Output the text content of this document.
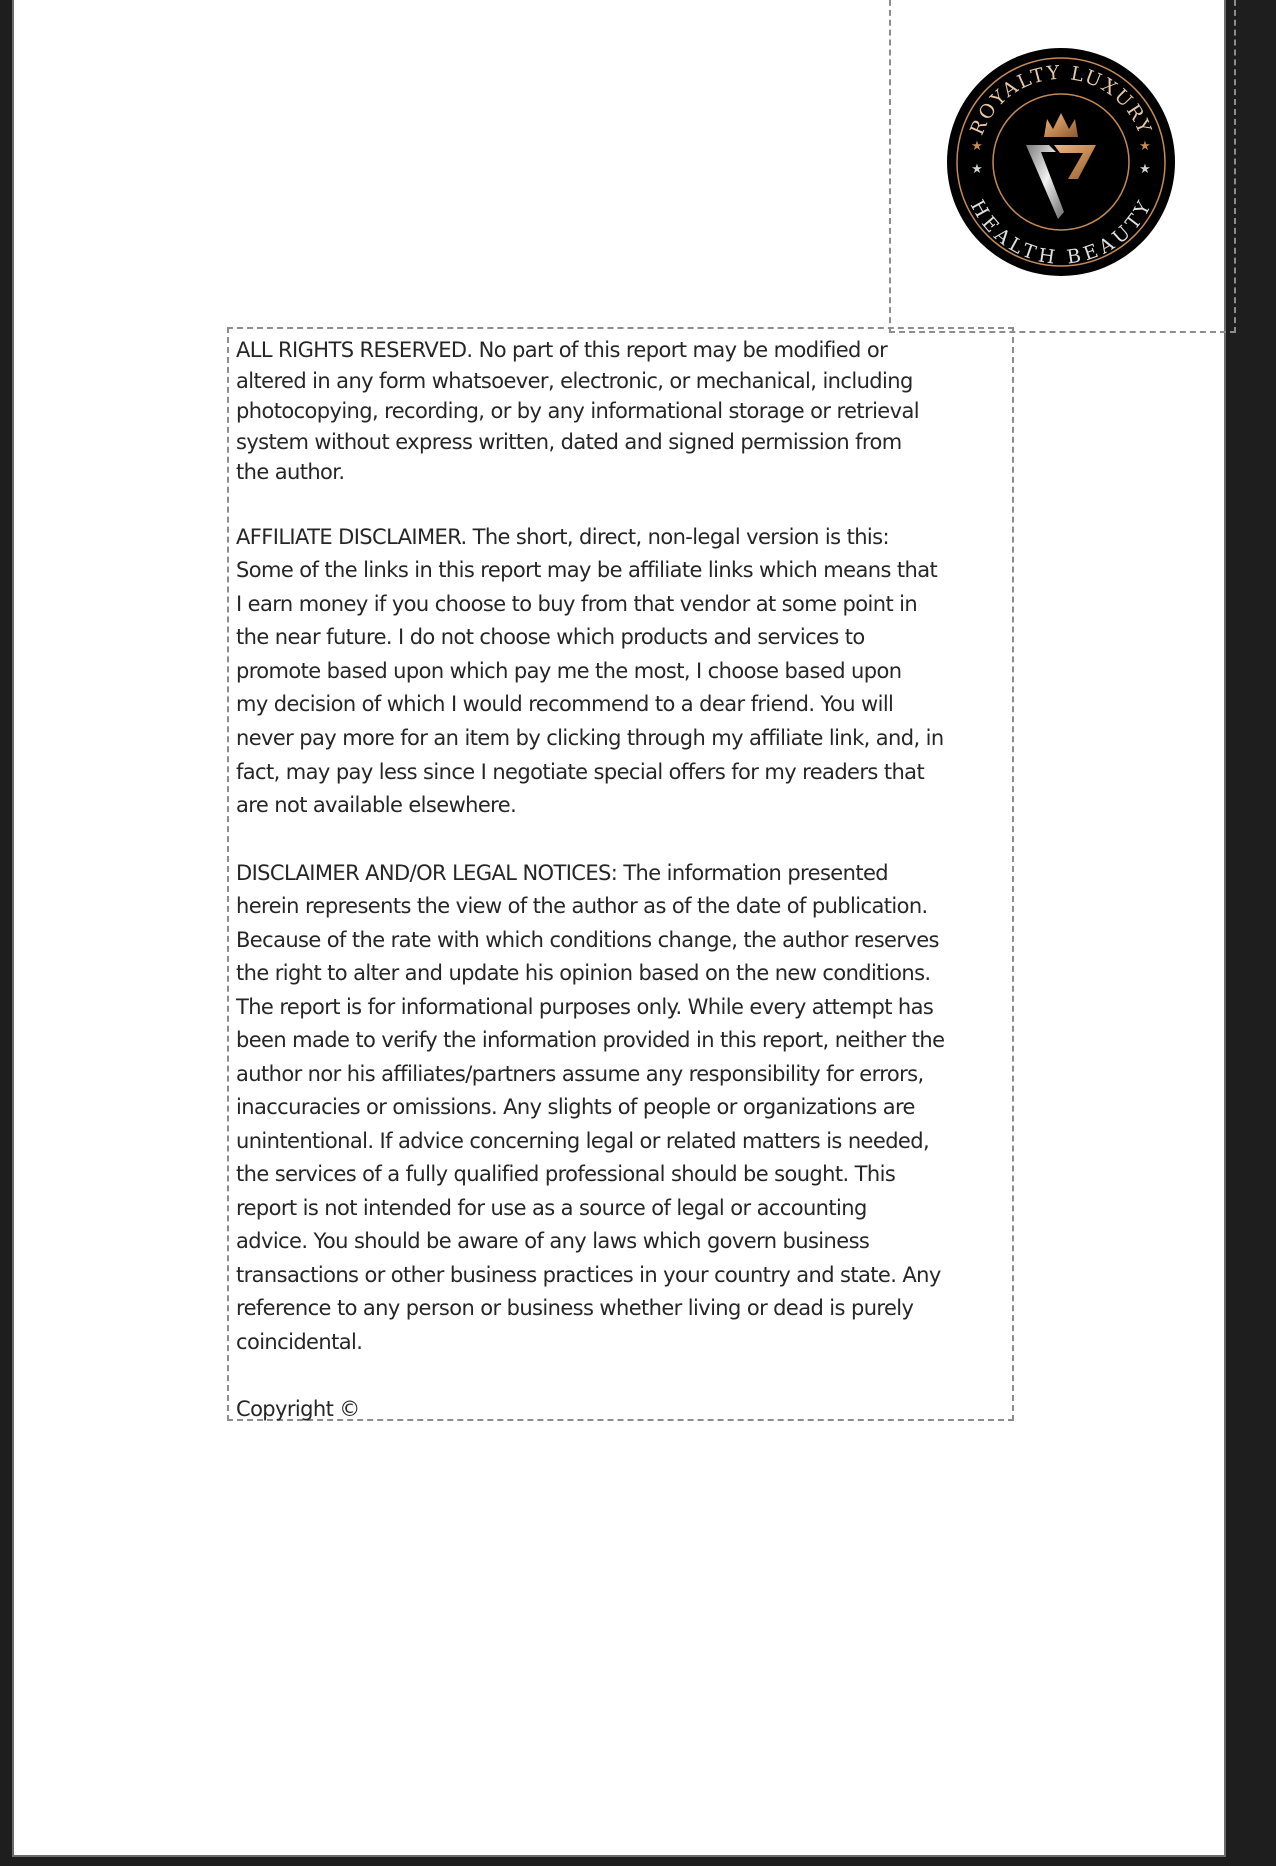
ROYALTY LUXURY
HEALTH BEAUTY
★	★
★	★

ALL RIGHTS RESERVED. No part of this report may be modified or
altered in any form whatsoever, electronic, or mechanical, including
photocopying, recording, or by any informational storage or retrieval
system without express written, dated and signed permission from
the author.

AFFILIATE DISCLAIMER. The short, direct, non-legal version is this:
Some of the links in this report may be affiliate links which means that
I earn money if you choose to buy from that vendor at some point in
the near future. I do not choose which products and services to
promote based upon which pay me the most, I choose based upon
my decision of which I would recommend to a dear friend. You will
never pay more for an item by clicking through my affiliate link, and, in
fact, may pay less since I negotiate special offers for my readers that
are not available elsewhere.

DISCLAIMER AND/OR LEGAL NOTICES: The information presented
herein represents the view of the author as of the date of publication.
Because of the rate with which conditions change, the author reserves
the right to alter and update his opinion based on the new conditions.
The report is for informational purposes only. While every attempt has
been made to verify the information provided in this report, neither the
author nor his affiliates/partners assume any responsibility for errors,
inaccuracies or omissions. Any slights of people or organizations are
unintentional. If advice concerning legal or related matters is needed,
the services of a fully qualified professional should be sought. This
report is not intended for use as a source of legal or accounting
advice. You should be aware of any laws which govern business
transactions or other business practices in your country and state. Any
reference to any person or business whether living or dead is purely
coincidental.

Copyright ©
